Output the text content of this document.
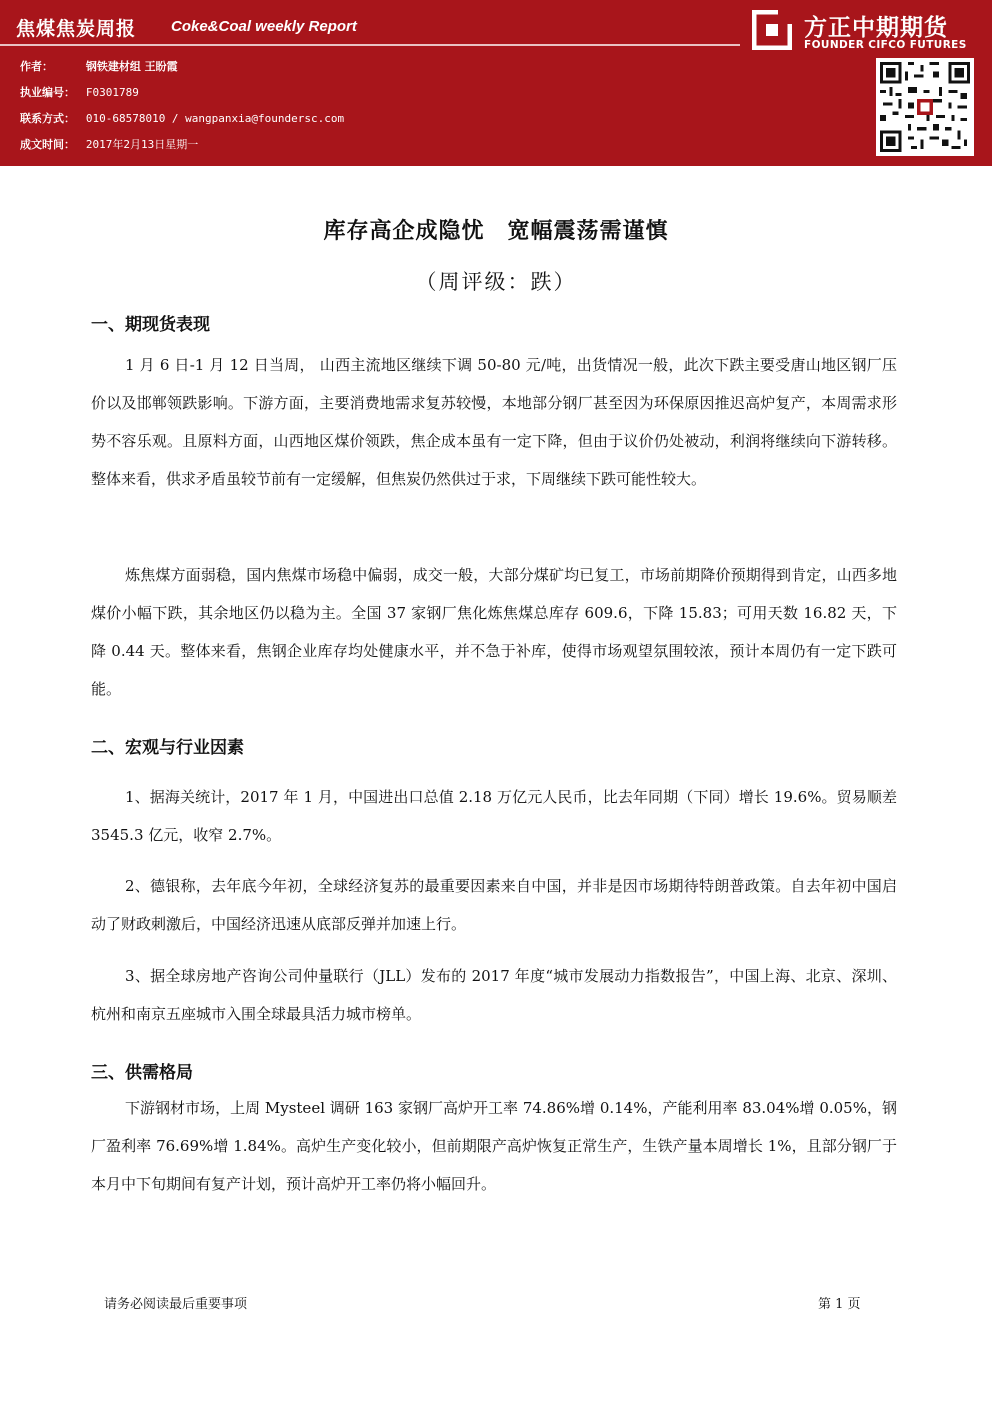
焦煤焦炭周报 Coke&Coal weekly Report
作者：	钢铁建材组 王盼霞
执业编号： F0301789
联系方式： 010-68578010 / wangpanxia@foundersc.com
成文时间： 2017年2月13日星期一
方正中期期货
FOUNDER CIFCO FUTURES
库存高企成隐忧　宽幅震荡需谨慎
（周评级：跌）
一、期现货表现
1 月 6 日-1 月 12 日当周， 山西主流地区继续下调 50-80 元/吨，出货情况一般，此次下跌主要受唐山地区钢厂压价以及邯郸领跌影响。下游方面，主要消费地需求复苏较慢，本地部分钢厂甚至因为环保原因推迟高炉复产，本周需求形势不容乐观。且原料方面，山西地区煤价领跌，焦企成本虽有一定下降，但由于议价仍处被动，利润将继续向下游转移。整体来看，供求矛盾虽较节前有一定缓解，但焦炭仍然供过于求，下周继续下跌可能性较大。
炼焦煤方面弱稳，国内焦煤市场稳中偏弱，成交一般，大部分煤矿均已复工，市场前期降价预期得到肯定，山西多地煤价小幅下跌，其余地区仍以稳为主。全国 37 家钢厂焦化炼焦煤总库存 609.6，下降 15.83；可用天数 16.82 天，下降 0.44 天。整体来看，焦钢企业库存均处健康水平，并不急于补库，使得市场观望氛围较浓，预计本周仍有一定下跌可能。
二、宏观与行业因素
1、据海关统计，2017 年 1 月，中国进出口总值 2.18 万亿元人民币，比去年同期（下同）增长 19.6%。贸易顺差 3545.3 亿元，收窄 2.7%。
2、德银称，去年底今年初，全球经济复苏的最重要因素来自中国，并非是因市场期待特朗普政策。自去年初中国启动了财政刺激后，中国经济迅速从底部反弹并加速上行。
3、据全球房地产咨询公司仲量联行（JLL）发布的 2017 年度“城市发展动力指数报告”，中国上海、北京、深圳、杭州和南京五座城市入围全球最具活力城市榜单。
三、供需格局
下游钢材市场，上周 Mysteel 调研 163 家钢厂高炉开工率 74.86%增 0.14%，产能利用率 83.04%增 0.05%，钢厂盈利率 76.69%增 1.84%。高炉生产变化较小，但前期限产高炉恢复正常生产，生铁产量本周增长 1%，且部分钢厂于本月中下旬期间有复产计划，预计高炉开工率仍将小幅回升。
请务必阅读最后重要事项	第 1 页
